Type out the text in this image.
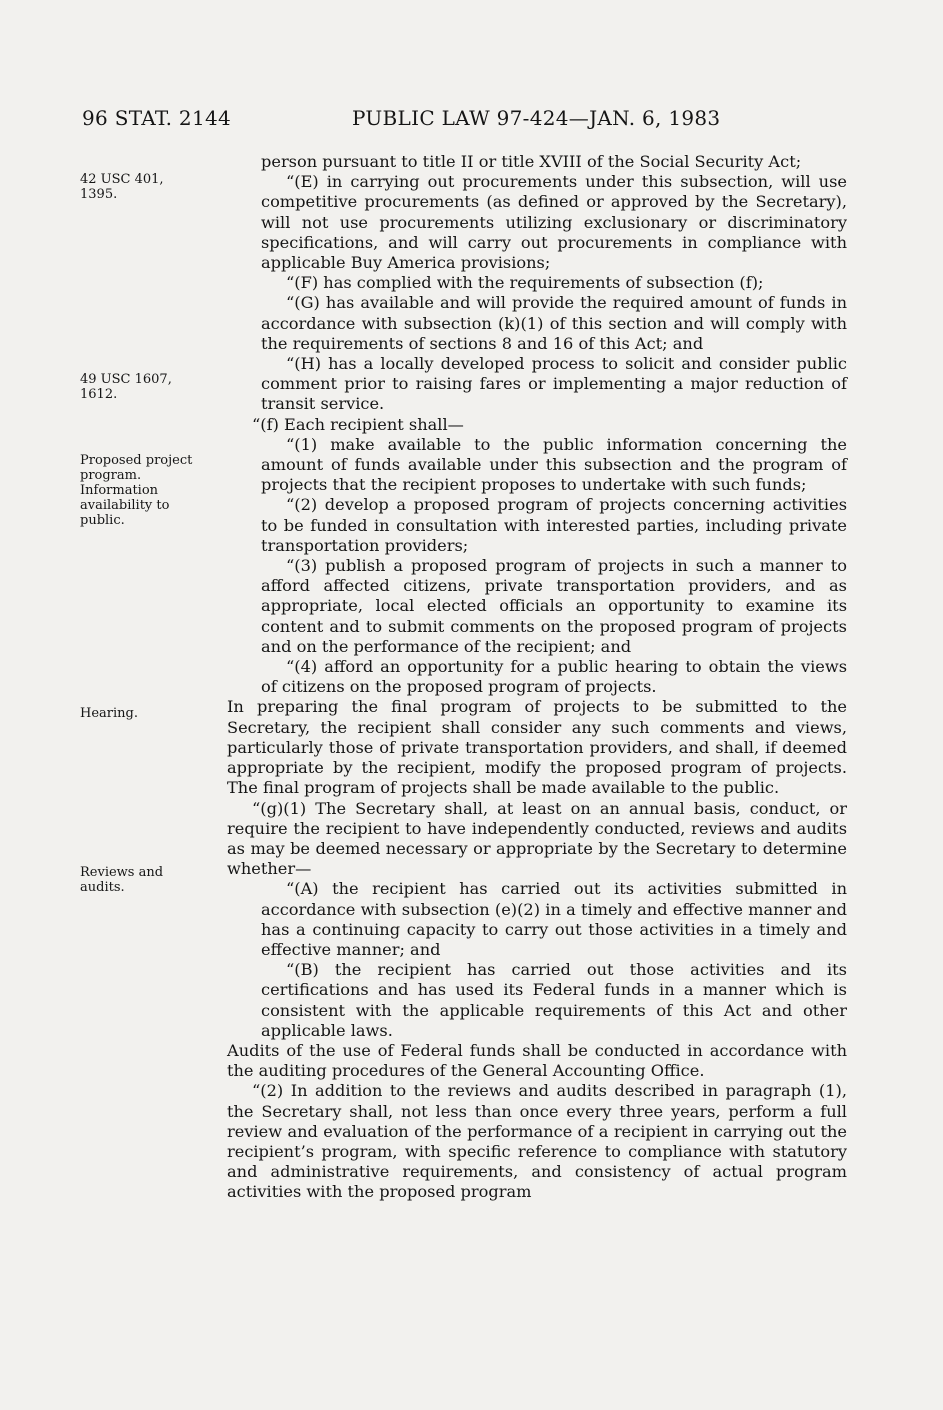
96 STAT. 2144	PUBLIC LAW 97-424—JAN. 6, 1983
42 USC 401,
1395.
49 USC 1607,
1612.
Proposed project
program.
Information
availability to
public.
Hearing.
Reviews and
audits.

person pursuant to title II or title XVIII of the Social Security Act;

“(E) in carrying out procurements under this subsection, will use competitive procurements (as defined or approved by the Secretary), will not use procurements utilizing exclusionary or discriminatory specifications, and will carry out procurements in compliance with applicable Buy America provisions;

“(F) has complied with the requirements of subsection (f);

“(G) has available and will provide the required amount of funds in accordance with subsection (k)(1) of this section and will comply with the requirements of sections 8 and 16 of this Act; and

“(H) has a locally developed process to solicit and consider public comment prior to raising fares or implementing a major reduction of transit service.

“(f) Each recipient shall—

“(1) make available to the public information concerning the amount of funds available under this subsection and the program of projects that the recipient proposes to undertake with such funds;

“(2) develop a proposed program of projects concerning activities to be funded in consultation with interested parties, including private transportation providers;

“(3) publish a proposed program of projects in such a manner to afford affected citizens, private transportation providers, and as appropriate, local elected officials an opportunity to examine its content and to submit comments on the proposed program of projects and on the performance of the recipient; and

“(4) afford an opportunity for a public hearing to obtain the views of citizens on the proposed program of projects.

In preparing the final program of projects to be submitted to the Secretary, the recipient shall consider any such comments and views, particularly those of private transportation providers, and shall, if deemed appropriate by the recipient, modify the proposed program of projects. The final program of projects shall be made available to the public.

“(g)(1) The Secretary shall, at least on an annual basis, conduct, or require the recipient to have independently conducted, reviews and audits as may be deemed necessary or appropriate by the Secretary to determine whether—

“(A) the recipient has carried out its activities submitted in accordance with subsection (e)(2) in a timely and effective manner and has a continuing capacity to carry out those activities in a timely and effective manner; and

“(B) the recipient has carried out those activities and its certifications and has used its Federal funds in a manner which is consistent with the applicable requirements of this Act and other applicable laws.

Audits of the use of Federal funds shall be conducted in accordance with the auditing procedures of the General Accounting Office.

“(2) In addition to the reviews and audits described in paragraph (1), the Secretary shall, not less than once every three years, perform a full review and evaluation of the performance of a recipient in carrying out the recipient’s program, with specific reference to compliance with statutory and administrative requirements, and consistency of actual program activities with the proposed program
